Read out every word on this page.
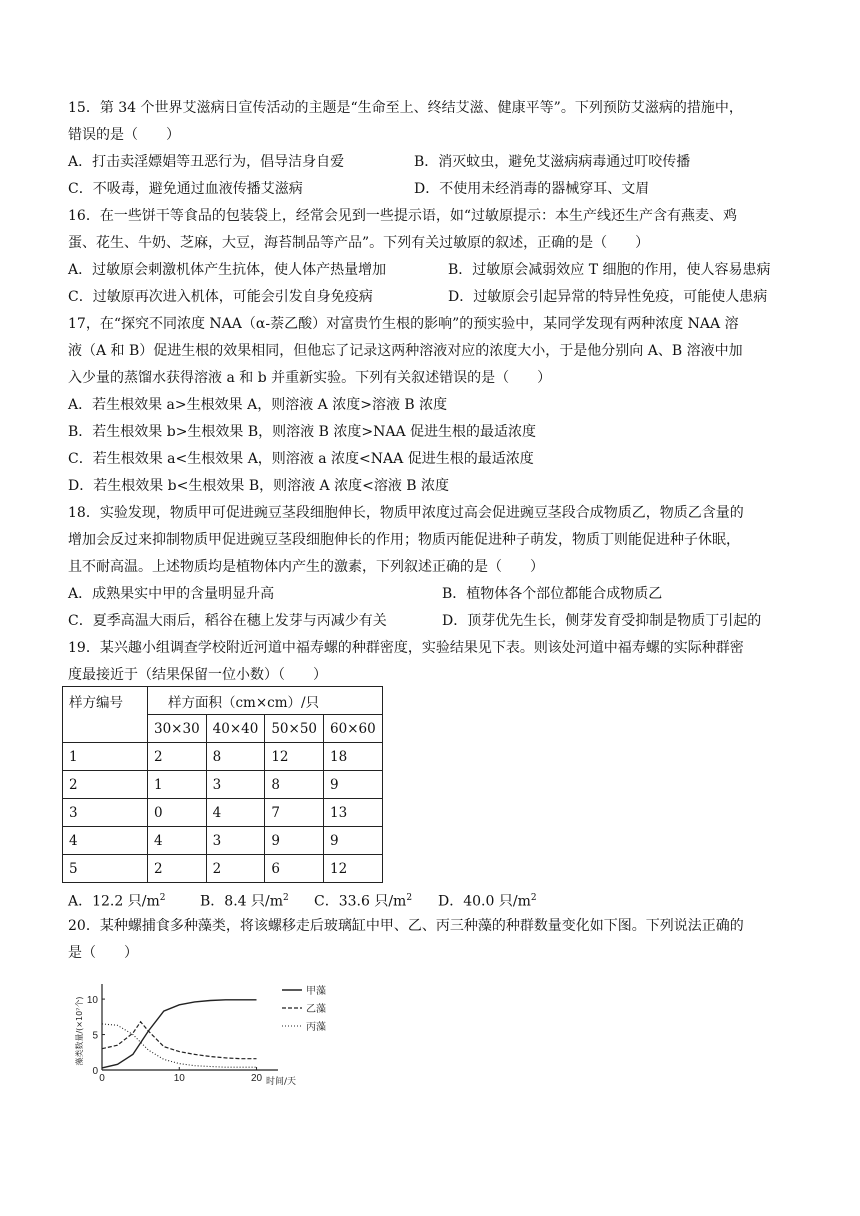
15．第 34 个世界艾滋病日宣传活动的主题是“生命至上、终结艾滋、健康平等”。下列预防艾滋病的措施中，
错误的是（　　）
A．打击卖淫嫖娼等丑恶行为，倡导洁身自爱	B．消灭蚊虫，避免艾滋病病毒通过叮咬传播
C．不吸毒，避免通过血液传播艾滋病	D．不使用未经消毒的器械穿耳、文眉
16．在一些饼干等食品的包装袋上，经常会见到一些提示语，如“过敏原提示：本生产线还生产含有燕麦、鸡
蛋、花生、牛奶、芝麻，大豆，海苔制品等产品”。下列有关过敏原的叙述，正确的是（　　）
A．过敏原会刺激机体产生抗体，使人体产热量增加	B．过敏原会减弱效应 T 细胞的作用，使人容易患病
C．过敏原再次进入机体，可能会引发自身免疫病	D．过敏原会引起异常的特异性免疫，可能使人患病
17，在“探究不同浓度 NAA（α-萘乙酸）对富贵竹生根的影响”的预实验中，某同学发现有两种浓度 NAA 溶
液（A 和 B）促进生根的效果相同，但他忘了记录这两种溶液对应的浓度大小，于是他分别向 A、B 溶液中加
入少量的蒸馏水获得溶液 a 和 b 并重新实验。下列有关叙述错误的是（　　）
A．若生根效果 a>生根效果 A，则溶液 A 浓度>溶液 B 浓度
B．若生根效果 b>生根效果 B，则溶液 B 浓度>NAA 促进生根的最适浓度
C．若生根效果 a<生根效果 A，则溶液 a 浓度<NAA 促进生根的最适浓度
D．若生根效果 b<生根效果 B，则溶液 A 浓度<溶液 B 浓度
18．实验发现，物质甲可促进豌豆茎段细胞伸长，物质甲浓度过高会促进豌豆茎段合成物质乙，物质乙含量的
增加会反过来抑制物质甲促进豌豆茎段细胞伸长的作用；物质丙能促进种子萌发，物质丁则能促进种子休眠，
且不耐高温。上述物质均是植物体内产生的激素，下列叙述正确的是（　　）
A．成熟果实中甲的含量明显升高	B．植物体各个部位都能合成物质乙
C．夏季高温大雨后，稻谷在穗上发芽与丙减少有关	D．顶芽优先生长，侧芽发育受抑制是物质丁引起的
19．某兴趣小组调查学校附近河道中福寿螺的种群密度，实验结果见下表。则该处河道中福寿螺的实际种群密
度最接近于（结果保留一位小数）（　　）
样方编号	样方面积（cm×cm）/只			
	30×30	40×40	50×50	60×60
1	2	8	12	18
2	1	3	8	9
3	0	4	7	13
4	4	3	9	9
5	2	2	6	12
A．12.2 只$/m^2$ B．8.4 只$/m^2$ C．33.6 只$/m^2$ D．40.0 只$/m^2$
20．某种螺捕食多种藻类，将该螺移走后玻璃缸中甲、乙、丙三种藻的种群数量变化如下图。下列说法正确的
是（　　）
0
5
10
0	10	20 时间/天
藻类数量/(×10⁷个)
甲藻
乙藻
丙藻
